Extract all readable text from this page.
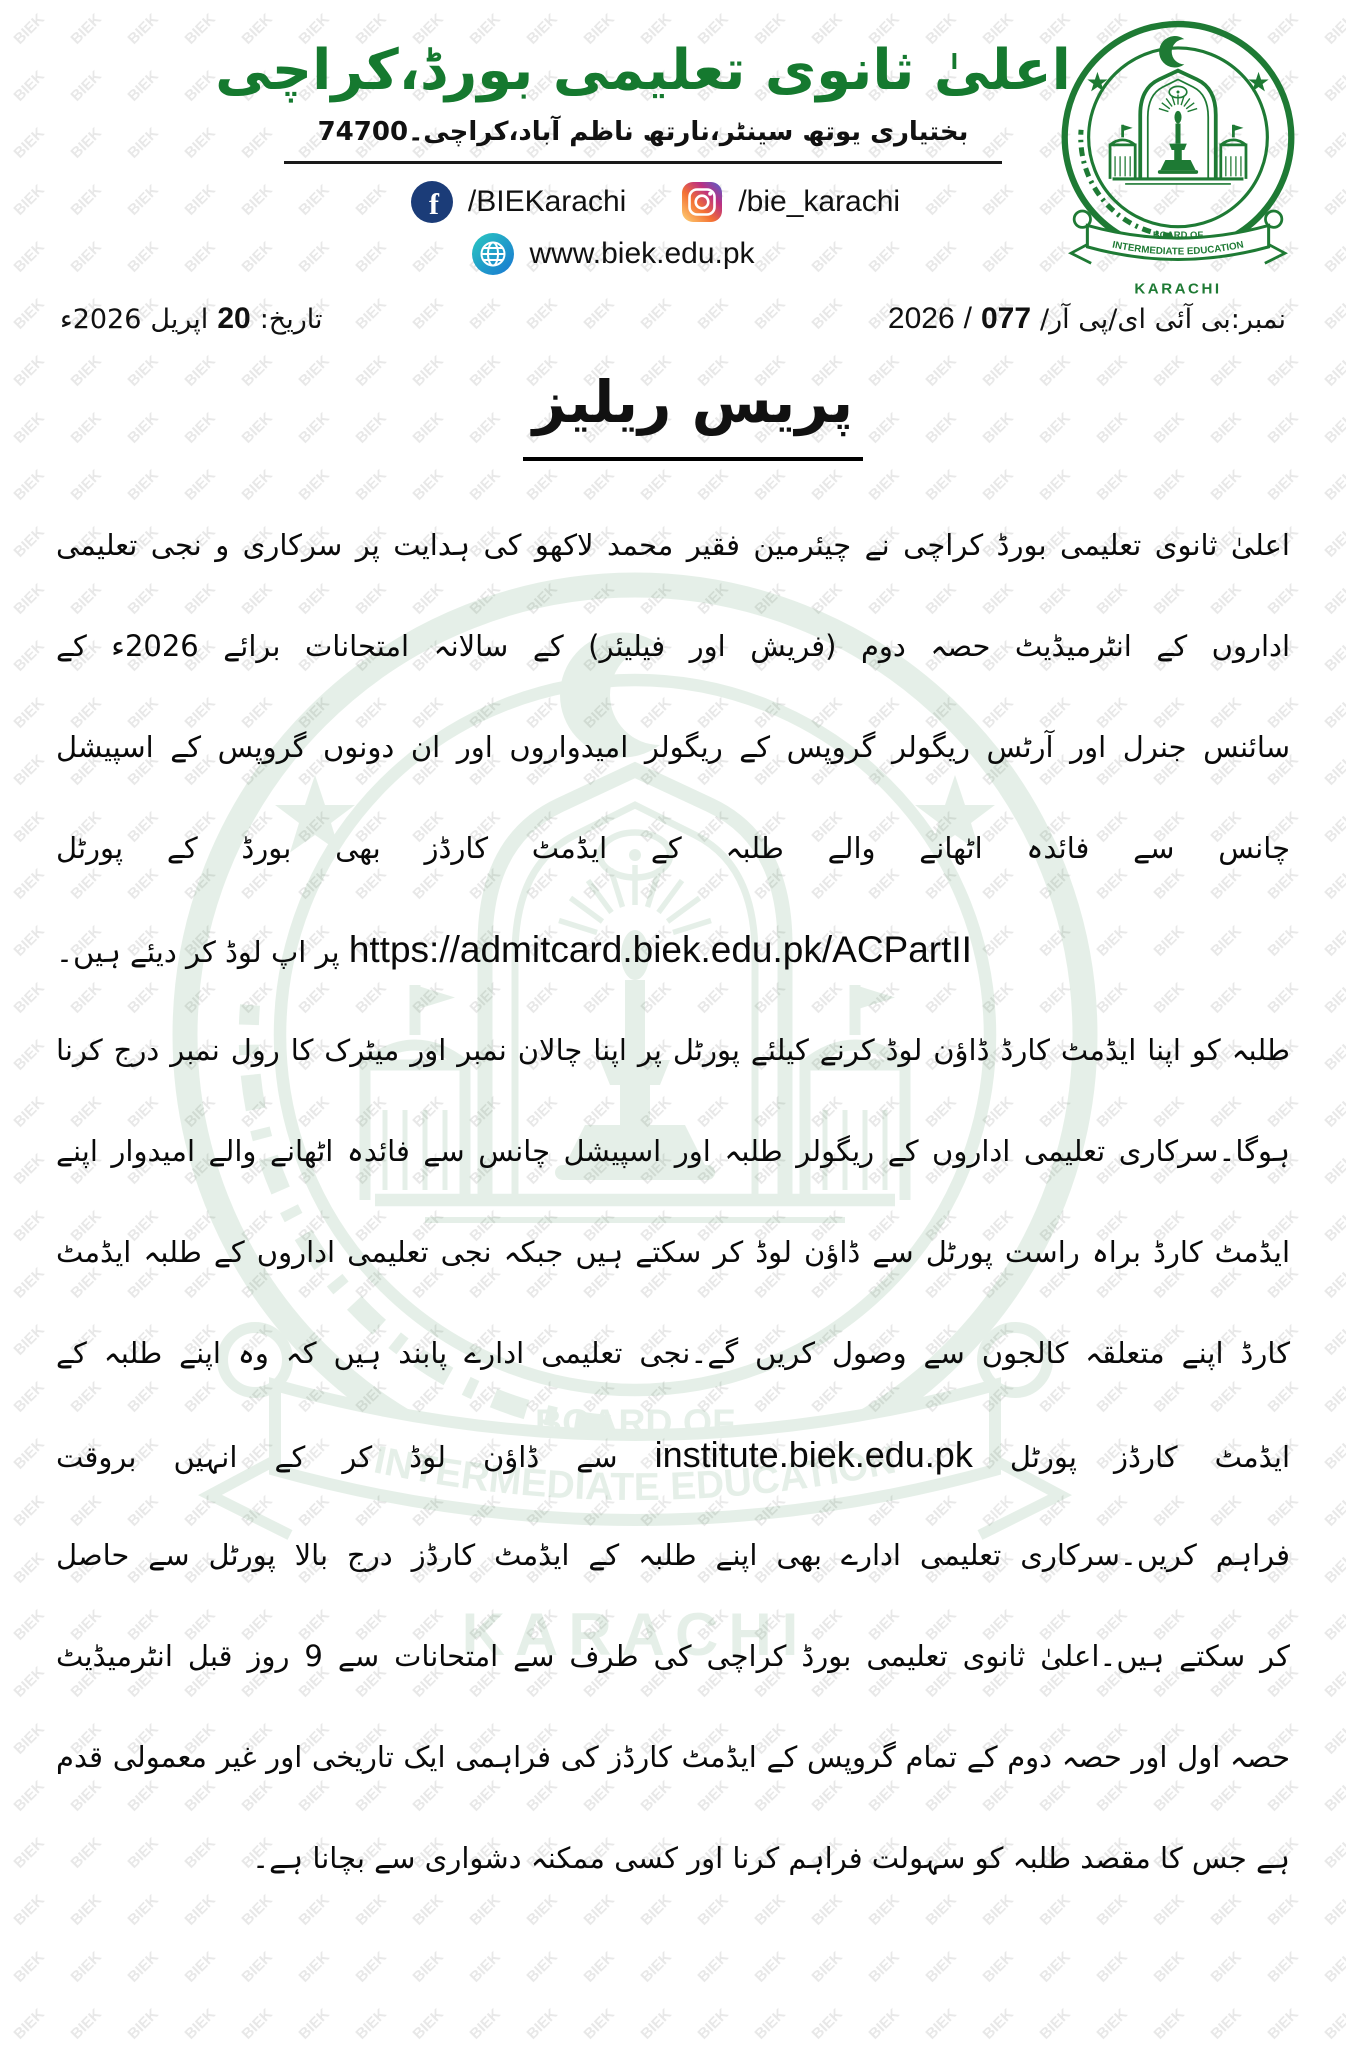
اعلیٰ ثانوی تعلیمی بورڈ،کراچی
بختیاری یوتھ سینٹر،نارتھ ناظم آباد،کراچی۔74700
f /BIEKarachi	/bie_karachi
www.biek.edu.pk
تاریخ:
20
اپریل
2026ء	نمبر:بی آئی ای/پی آر/
077
/
2026
پریس ریلیز
اعلیٰ ثانوی تعلیمی بورڈ کراچی نے چیئرمین فقیر محمد لاکھو کی ہدایت پر سرکاری و نجی تعلیمی
اداروں کے انٹرمیڈیٹ حصہ دوم (فریش اور فیلیئر) کے سالانہ امتحانات برائے 2026ء کے
سائنس جنرل اور آرٹس ریگولر گروپس کے ریگولر امیدواروں اور ان دونوں گروپس کے اسپیشل
چانس سے فائدہ اٹھانے والے طلبہ کے ایڈمٹ کارڈز بھی بورڈ کے پورٹل
https://admitcard.biek.edu.pk/ACPartII پر اپ لوڈ کر دیئے ہیں۔
طلبہ کو اپنا ایڈمٹ کارڈ ڈاؤن لوڈ کرنے کیلئے پورٹل پر اپنا چالان نمبر اور میٹرک کا رول نمبر درج کرنا
ہوگا۔سرکاری تعلیمی اداروں کے ریگولر طلبہ اور اسپیشل چانس سے فائدہ اٹھانے والے امیدوار اپنے
ایڈمٹ کارڈ براہ راست پورٹل سے ڈاؤن لوڈ کر سکتے ہیں جبکہ نجی تعلیمی اداروں کے طلبہ ایڈمٹ
کارڈ اپنے متعلقہ کالجوں سے وصول کریں گے۔نجی تعلیمی ادارے پابند ہیں کہ وہ اپنے طلبہ کے
ایڈمٹ کارڈز پورٹل institute.biek.edu.pk سے ڈاؤن لوڈ کر کے انہیں بروقت
فراہم کریں۔سرکاری تعلیمی ادارے بھی اپنے طلبہ کے ایڈمٹ کارڈز درج بالا پورٹل سے حاصل
کر سکتے ہیں۔اعلیٰ ثانوی تعلیمی بورڈ کراچی کی طرف سے امتحانات سے 9 روز قبل انٹرمیڈیٹ
حصہ اول اور حصہ دوم کے تمام گروپس کے ایڈمٹ کارڈز کی فراہمی ایک تاریخی اور غیر معمولی قدم
ہے جس کا مقصد طلبہ کو سہولت فراہم کرنا اور کسی ممکنہ دشواری سے بچانا ہے۔
